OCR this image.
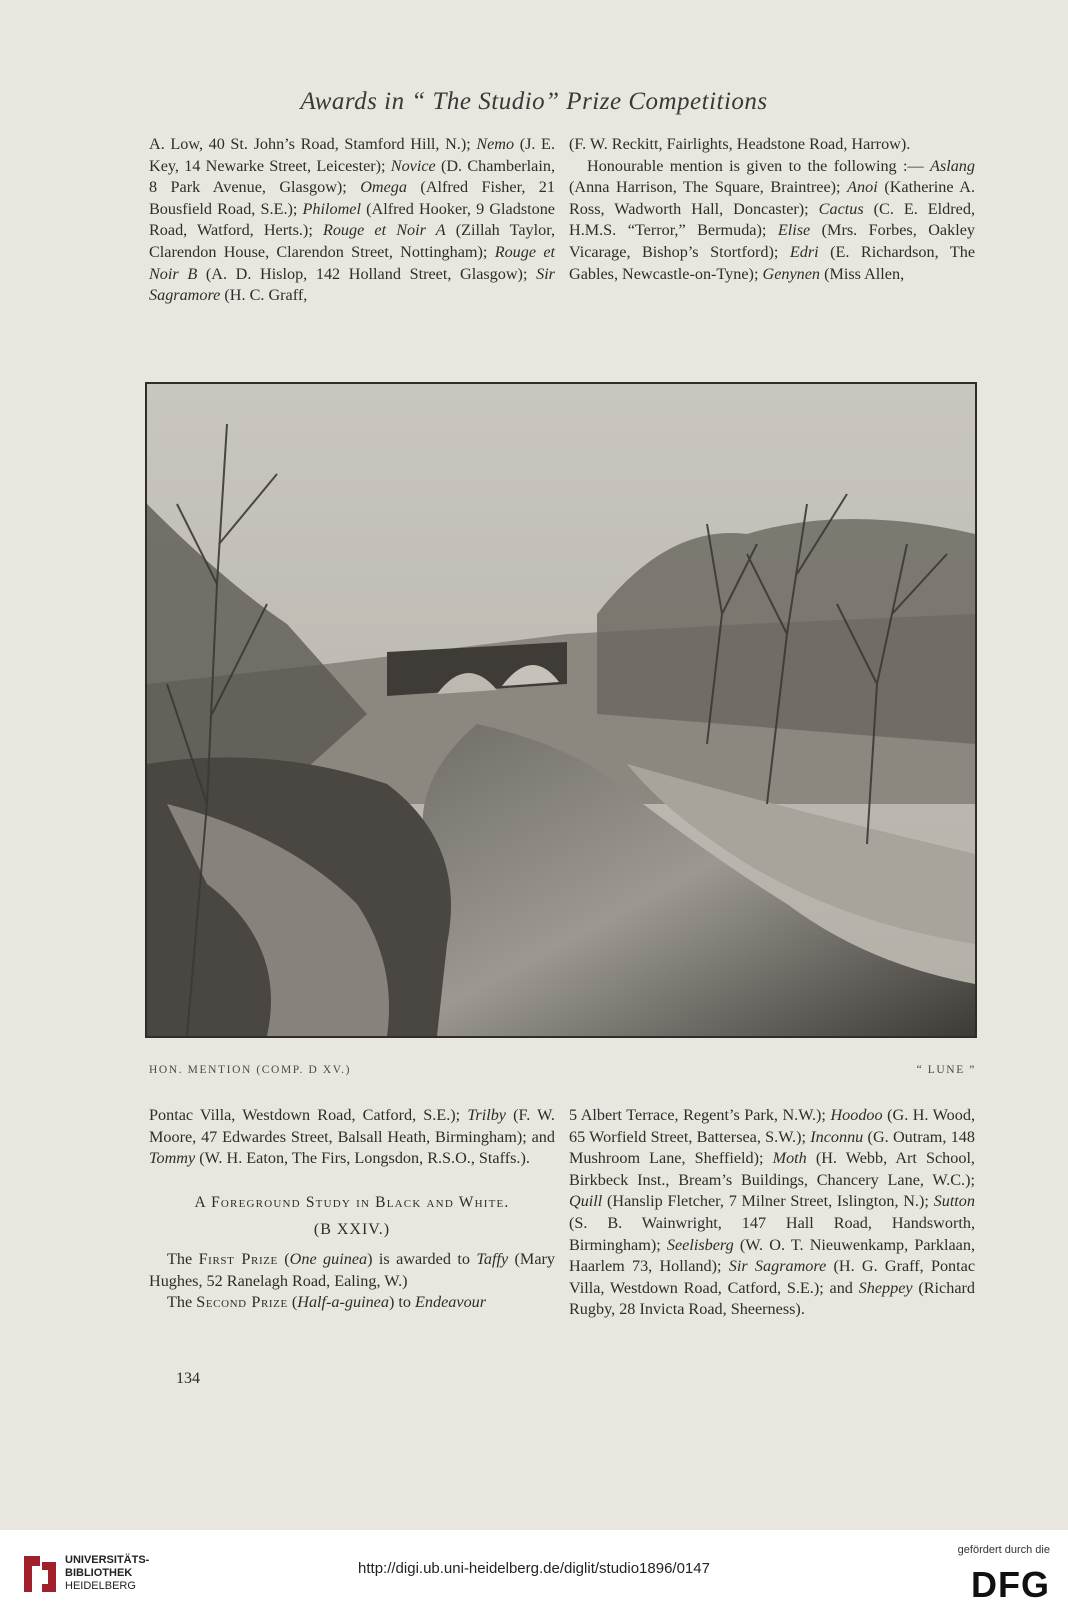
Awards in “ The Studio” Prize Competitions

A. Low, 40 St. John’s Road, Stamford Hill, N.); Nemo (J. E. Key, 14 Newarke Street, Leicester); Novice (D. Chamberlain, 8 Park Avenue, Glasgow); Omega (Alfred Fisher, 21 Bousfield Road, S.E.); Philomel (Alfred Hooker, 9 Gladstone Road, Watford, Herts.); Rouge et Noir A (Zillah Taylor, Clarendon House, Clarendon Street, Nottingham); Rouge et Noir B (A. D. Hislop, 142 Holland Street, Glasgow); Sir Sagramore (H. C. Graff,

(F. W. Reckitt, Fairlights, Headstone Road, Harrow).

Honourable mention is given to the following :— Aslang (Anna Harrison, The Square, Braintree); Anoi (Katherine A. Ross, Wadworth Hall, Doncaster); Cactus (C. E. Eldred, H.M.S. “Terror,” Bermuda); Elise (Mrs. Forbes, Oakley Vicarage, Bishop’s Stortford); Edri (E. Richardson, The Gables, Newcastle-on-Tyne); Genynen (Miss Allen,

HON. MENTION (COMP. D XV.)	“ LUNE ”

Pontac Villa, Westdown Road, Catford, S.E.); Trilby (F. W. Moore, 47 Edwardes Street, Balsall Heath, Birmingham); and Tommy (W. H. Eaton, The Firs, Longsdon, R.S.O., Staffs.).

A Foreground Study in Black and White.

(B XXIV.)

The First Prize (One guinea) is awarded to Taffy (Mary Hughes, 52 Ranelagh Road, Ealing, W.)

The Second Prize (Half-a-guinea) to Endeavour

5 Albert Terrace, Regent’s Park, N.W.); Hoodoo (G. H. Wood, 65 Worfield Street, Battersea, S.W.); Inconnu (G. Outram, 148 Mushroom Lane, Sheffield); Moth (H. Webb, Art School, Birkbeck Inst., Bream’s Buildings, Chancery Lane, W.C.); Quill (Hanslip Fletcher, 7 Milner Street, Islington, N.); Sutton (S. B. Wainwright, 147 Hall Road, Handsworth, Birmingham); Seelisberg (W. O. T. Nieuwenkamp, Parklaan, Haarlem 73, Holland); Sir Sagramore (H. G. Graff, Pontac Villa, Westdown Road, Catford, S.E.); and Sheppey (Richard Rugby, 28 Invicta Road, Sheerness).

134
UNIVERSITÄTS-
BIBLIOTHEK
HEIDELBERG
http://digi.ub.uni-heidelberg.de/diglit/studio1896/0147
gefördert durch die
DFG
